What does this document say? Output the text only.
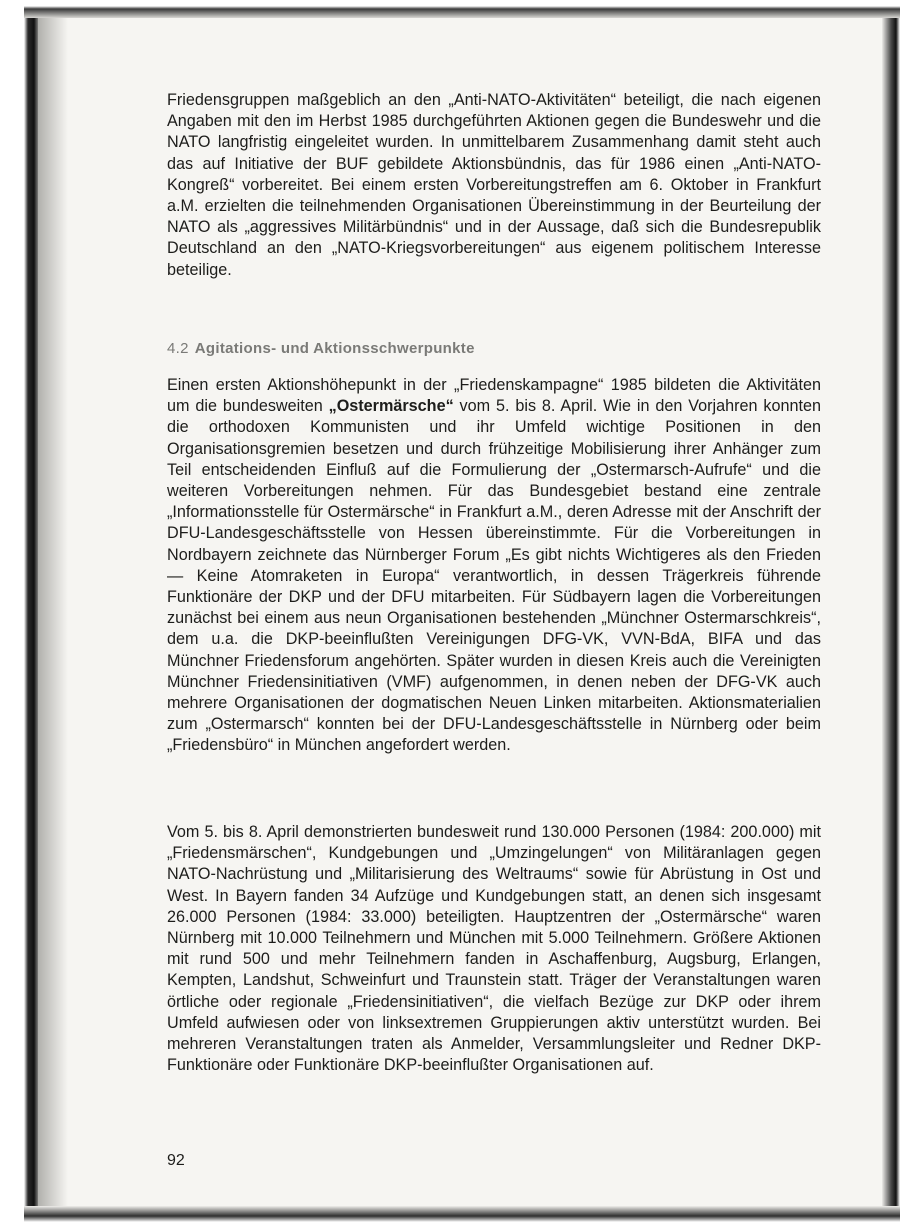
Friedensgruppen maßgeblich an den „Anti-NATO-Aktivitäten“ beteiligt, die nach eigenen Angaben mit den im Herbst 1985 durchgeführten Aktionen gegen die Bundeswehr und die NATO langfristig eingeleitet wurden. In unmittelbarem Zusammenhang damit steht auch das auf Initiative der BUF gebildete Aktionsbündnis, das für 1986 einen „Anti-NATO-Kongreß“ vorbereitet. Bei einem ersten Vorbereitungstreffen am 6. Oktober in Frankfurt a.M. erzielten die teilnehmenden Organisationen Übereinstimmung in der Beurteilung der NATO als „aggressives Militärbündnis“ und in der Aussage, daß sich die Bundesrepublik Deutschland an den „NATO-Kriegsvorbereitungen“ aus eigenem politischem Interesse beteilige.
4.2 Agitations- und Aktionsschwerpunkte
Einen ersten Aktionshöhepunkt in der „Friedenskampagne“ 1985 bildeten die Aktivitäten um die bundesweiten „Ostermärsche“ vom 5. bis 8. April. Wie in den Vorjahren konnten die orthodoxen Kommunisten und ihr Umfeld wichtige Positionen in den Organisationsgremien besetzen und durch frühzeitige Mobilisierung ihrer Anhänger zum Teil entscheidenden Einfluß auf die Formulierung der „Ostermarsch-Aufrufe“ und die weiteren Vorbereitungen nehmen. Für das Bundesgebiet bestand eine zentrale „Informationsstelle für Ostermärsche“ in Frankfurt a.M., deren Adresse mit der Anschrift der DFU-Landesgeschäftsstelle von Hessen übereinstimmte. Für die Vorbereitungen in Nordbayern zeichnete das Nürnberger Forum „Es gibt nichts Wichtigeres als den Frieden — Keine Atomraketen in Europa“ verantwortlich, in dessen Trägerkreis führende Funktionäre der DKP und der DFU mitarbeiten. Für Südbayern lagen die Vorbereitungen zunächst bei einem aus neun Organisationen bestehenden „Münchner Ostermarschkreis“, dem u.a. die DKP-beeinflußten Vereinigungen DFG-VK, VVN-BdA, BIFA und das Münchner Friedensforum angehörten. Später wurden in diesen Kreis auch die Vereinigten Münchner Friedensinitiativen (VMF) aufgenommen, in denen neben der DFG-VK auch mehrere Organisationen der dogmatischen Neuen Linken mitarbeiten. Aktionsmaterialien zum „Ostermarsch“ konnten bei der DFU-Landesgeschäftsstelle in Nürnberg oder beim „Friedensbüro“ in München angefordert werden.
Vom 5. bis 8. April demonstrierten bundesweit rund 130.000 Personen (1984: 200.000) mit „Friedensmärschen“, Kundgebungen und „Umzingelungen“ von Militäranlagen gegen NATO-Nachrüstung und „Militarisierung des Weltraums“ sowie für Abrüstung in Ost und West. In Bayern fanden 34 Aufzüge und Kundgebungen statt, an denen sich insgesamt 26.000 Personen (1984: 33.000) beteiligten. Hauptzentren der „Ostermärsche“ waren Nürnberg mit 10.000 Teilnehmern und München mit 5.000 Teilnehmern. Größere Aktionen mit rund 500 und mehr Teilnehmern fanden in Aschaffenburg, Augsburg, Erlangen, Kempten, Landshut, Schweinfurt und Traunstein statt. Träger der Veranstaltungen waren örtliche oder regionale „Friedensinitiativen“, die vielfach Bezüge zur DKP oder ihrem Umfeld aufwiesen oder von linksextremen Gruppierungen aktiv unterstützt wurden. Bei mehreren Veranstaltungen traten als Anmelder, Versammlungsleiter und Redner DKP-Funktionäre oder Funktionäre DKP-beeinflußter Organisationen auf.
92
